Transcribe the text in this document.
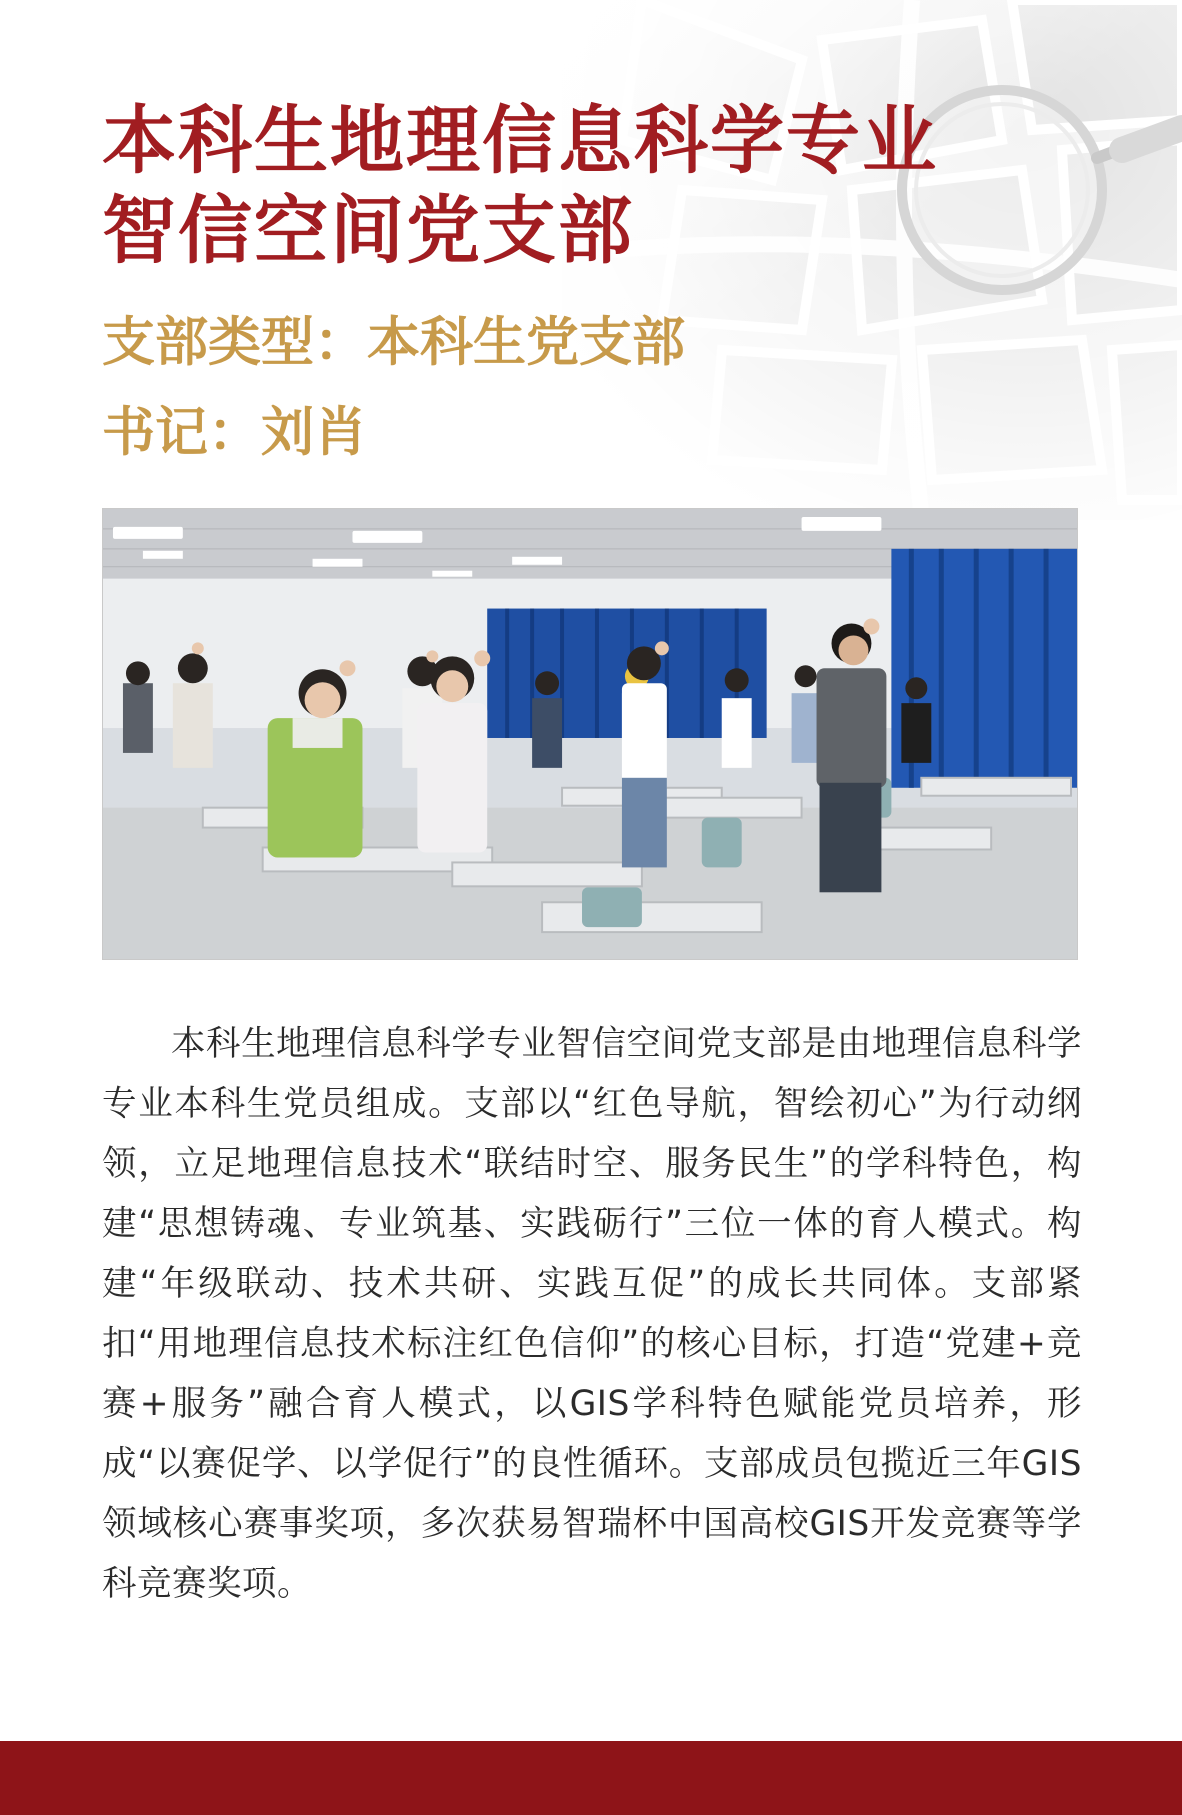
本科生地理信息科学专业
智信空间党支部
支部类型：本科生党支部
书记：刘肖

本科生地理信息科学专业智信空间党支部是由地理信息科学专业本科生党员组成。支部以“红色导航，智绘初心”为行动纲领，立足地理信息技术“联结时空、服务民生”的学科特色，构建“思想铸魂、专业筑基、实践砺行”三位一体的育人模式。构建“年级联动、技术共研、实践互促”的成长共同体。支部紧扣“用地理信息技术标注红色信仰”的核心目标，打造“党建+竞赛+服务”融合育人模式，以GIS学科特色赋能党员培养，形成“以赛促学、以学促行”的良性循环。支部成员包揽近三年GIS领域核心赛事奖项，多次获易智瑞杯中国高校GIS开发竞赛等学科竞赛奖项。
